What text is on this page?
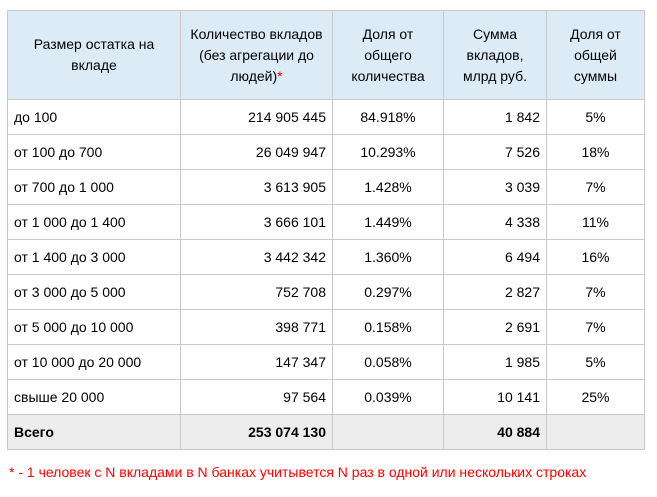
Размер остатка на вкладе	Количество вкладов (без агрегации до людей)*	Доля от общего количества	Сумма вкладов, млрд руб.	Доля от общей суммы
до 100	214 905 445	84.918%	1 842	5%
от 100 до 700	26 049 947	10.293%	7 526	18%
от 700 до 1 000	3 613 905	1.428%	3 039	7%
от 1 000 до 1 400	3 666 101	1.449%	4 338	11%
от 1 400 до 3 000	3 442 342	1.360%	6 494	16%
от 3 000 до 5 000	752 708	0.297%	2 827	7%
от 5 000 до 10 000	398 771	0.158%	2 691	7%
от 10 000 до 20 000	147 347	0.058%	1 985	5%
свыше 20 000	97 564	0.039%	10 141	25%
Всего	253 074 130		40 884	
* - 1 человек с N вкладами в N банках учитывется N раз в одной или нескольких строках
